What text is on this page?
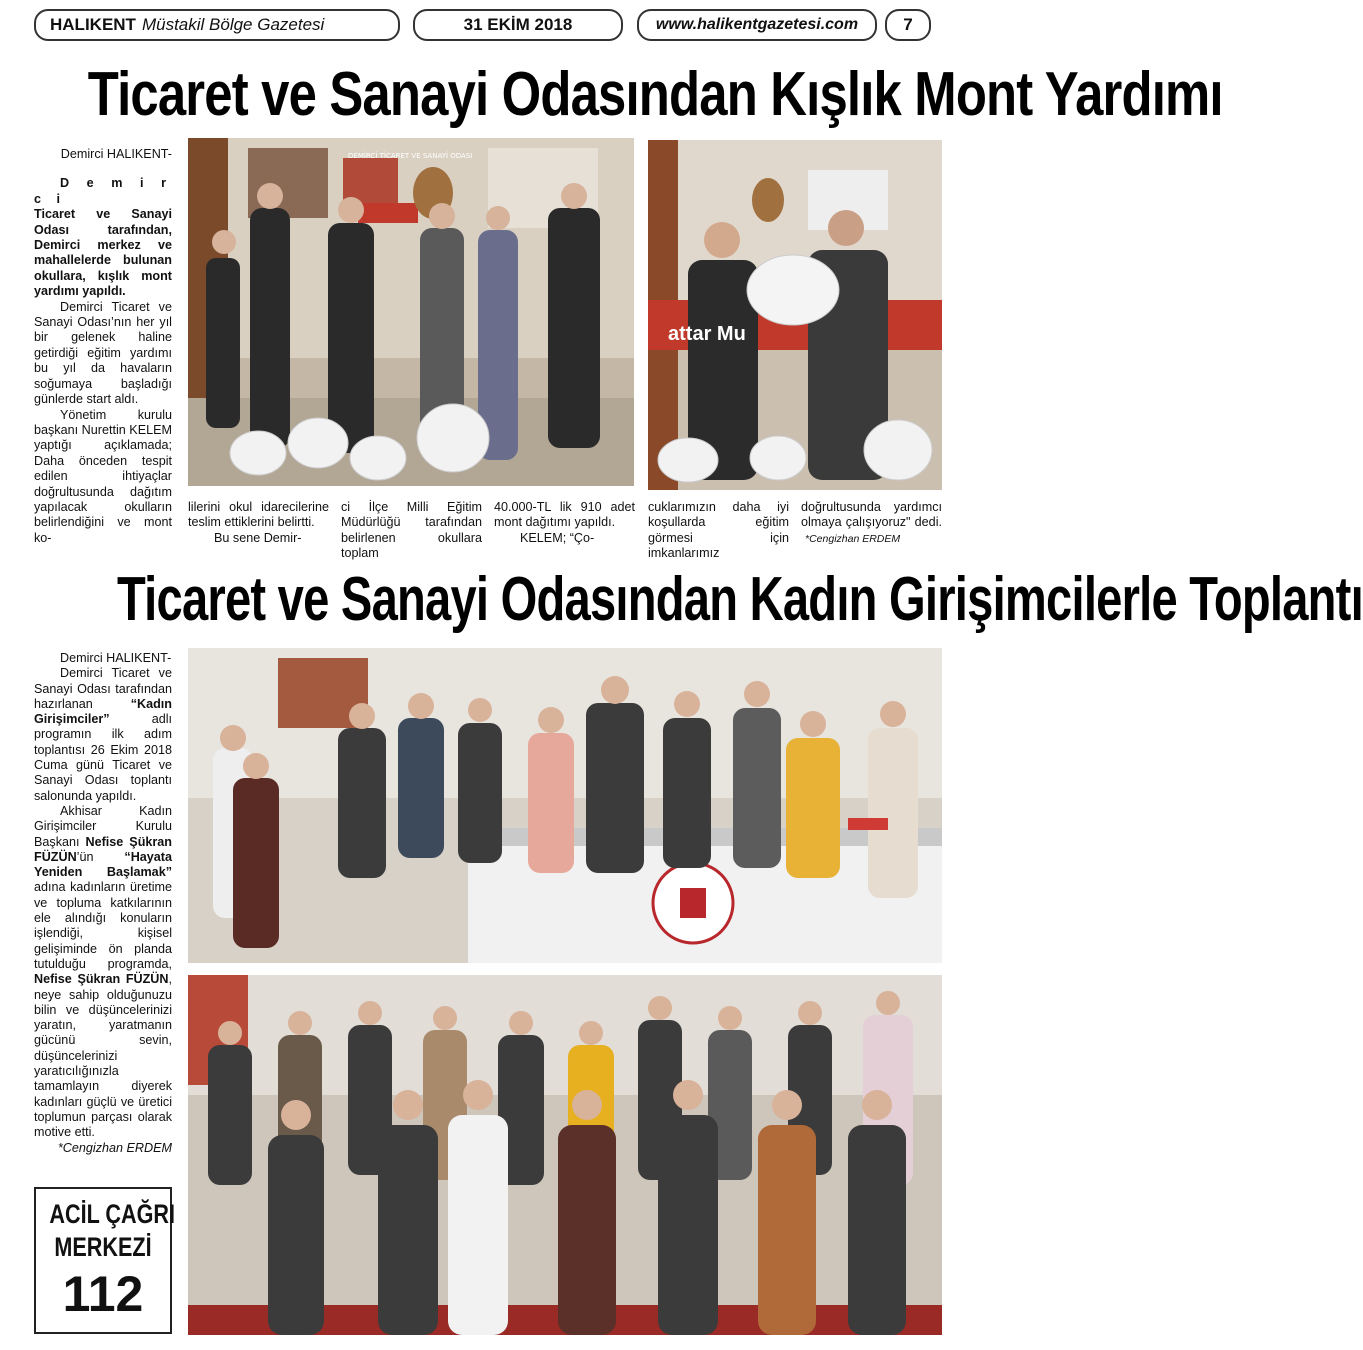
HALIKENT Müstakil Bölge Gazetesi	31 EKİM 2018	www.halikentgazetesi.com	7
Ticaret ve Sanayi Odasından Kışlık Mont Yardımı

Demirci HALIKENT-

D e m i r c i

Ticaret ve Sanayi Odası tarafından, Demirci merkez ve mahallelerde bulunan okullara, kışlık mont yardımı yapıldı.

Demirci Ticaret ve Sanayi Odası’nın her yıl bir gelenek haline getirdiği eğitim yardımı bu yıl da havaların soğumaya başladığı günlerde start aldı.

Yönetim kurulu başkanı Nurettin KELEM yaptığı açıklamada; Daha önceden tespit edilen ihtiyaçlar doğrultusunda dağıtım yapılacak okulların belirlendiğini ve mont ko-

DEMİRCİ TİCARET VE SANAYİ ODASI
attar Mu

lilerini okul idarecilerine teslim ettiklerini belirtti.

Bu sene Demir-

ci İlçe Milli Eğitim Müdürlüğü tarafından belirlenen okullara toplam

40.000-TL lik 910 adet mont dağıtımı yapıldı.

KELEM; “Ço-

cuklarımızın daha iyi koşullarda eğitim görmesi için imkanlarımız

doğrultusunda yardımcı olmaya çalışıyoruz" dedi. *Cengizhan ERDEM

Ticaret ve Sanayi Odasından Kadın Girişimcilerle Toplantı

Demirci HALIKENT-

Demirci Ticaret ve Sanayi Odası tarafından hazırlanan	“Kadın Girişimciler”	adlı programın ilk adım toplantısı 26 Ekim 2018 Cuma günü Ticaret ve Sanayi Odası toplantı salonunda yapıldı.

Akhisar Kadın Girişimciler Kurulu Başkanı Nefise Şükran FÜZÜN’ün “Hayata Yeniden Başlamak” adına kadınların üretime ve topluma katkılarının ele alındığı konuların işlendiği, kişisel gelişiminde ön planda tutulduğu programda, Nefise Şükran FÜZÜN, neye sahip olduğunuzu bilin ve düşüncelerinizi yaratın, yaratmanın gücünü sevin, düşüncelerinizi yaratıcılığınızla tamamlayın diyerek kadınları güçlü ve üretici toplumun parçası olarak motive etti.

*Cengizhan ERDEM

ACİL ÇAĞRI
MERKEZİ
112
